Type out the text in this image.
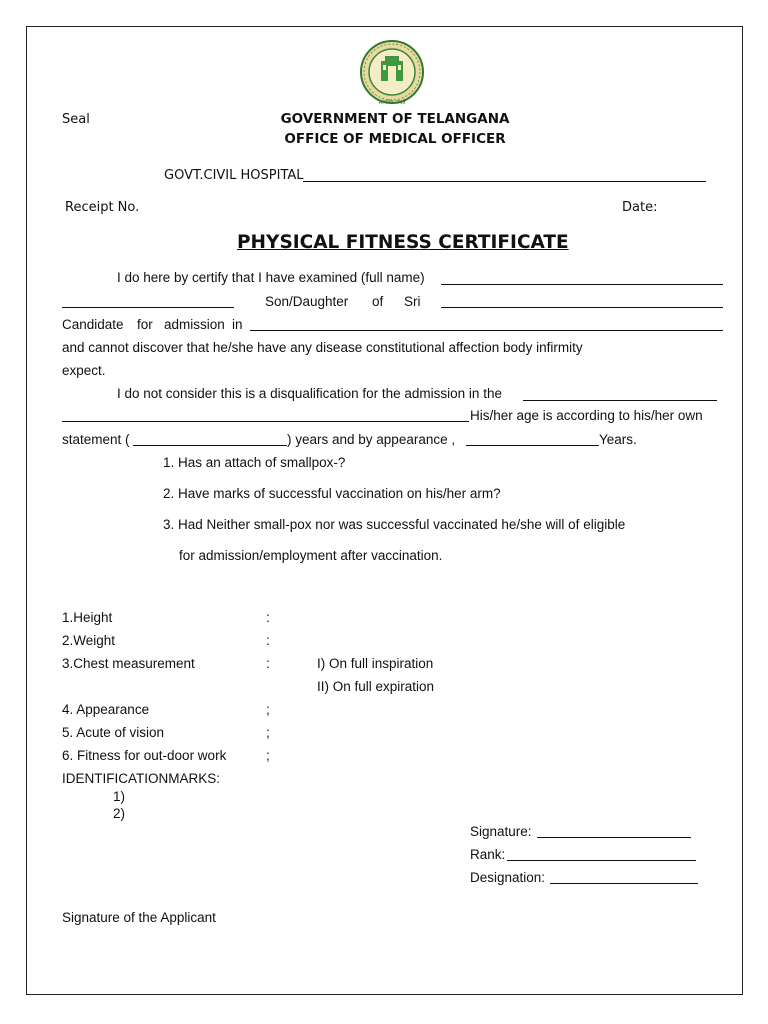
सत्यमेव जयते
Seal	GOVERNMENT OF TELANGANA
OFFICE OF MEDICAL OFFICER
GOVT.CIVIL HOSPITAL
Receipt No.	Date:
PHYSICAL FITNESS CERTIFICATE
I do here by certify that I have examined (full name)
Son/Daughter of Sri
Candidate for admission in
and cannot discover that he/she have any disease constitutional affection body infirmity
expect.
I do not consider this is a disqualification for the admission in the
His/her age is according to his/her own
statement (	) years and by appearance ,	Years.
1. Has an attach of smallpox-?
2. Have marks of successful vaccination on his/her arm?
3. Had Neither small-pox nor was successful vaccinated he/she will of eligible
for admission/employment after vaccination.
1.Height	:
2.Weight	:
3.Chest measurement	:	I) On full inspiration
II) On full expiration
4. Appearance	;
5. Acute of vision	;
6. Fitness for out-door work	;
IDENTIFICATIONMARKS:
1)
2)
Signature:
Rank:
Designation:
Signature of the Applicant
